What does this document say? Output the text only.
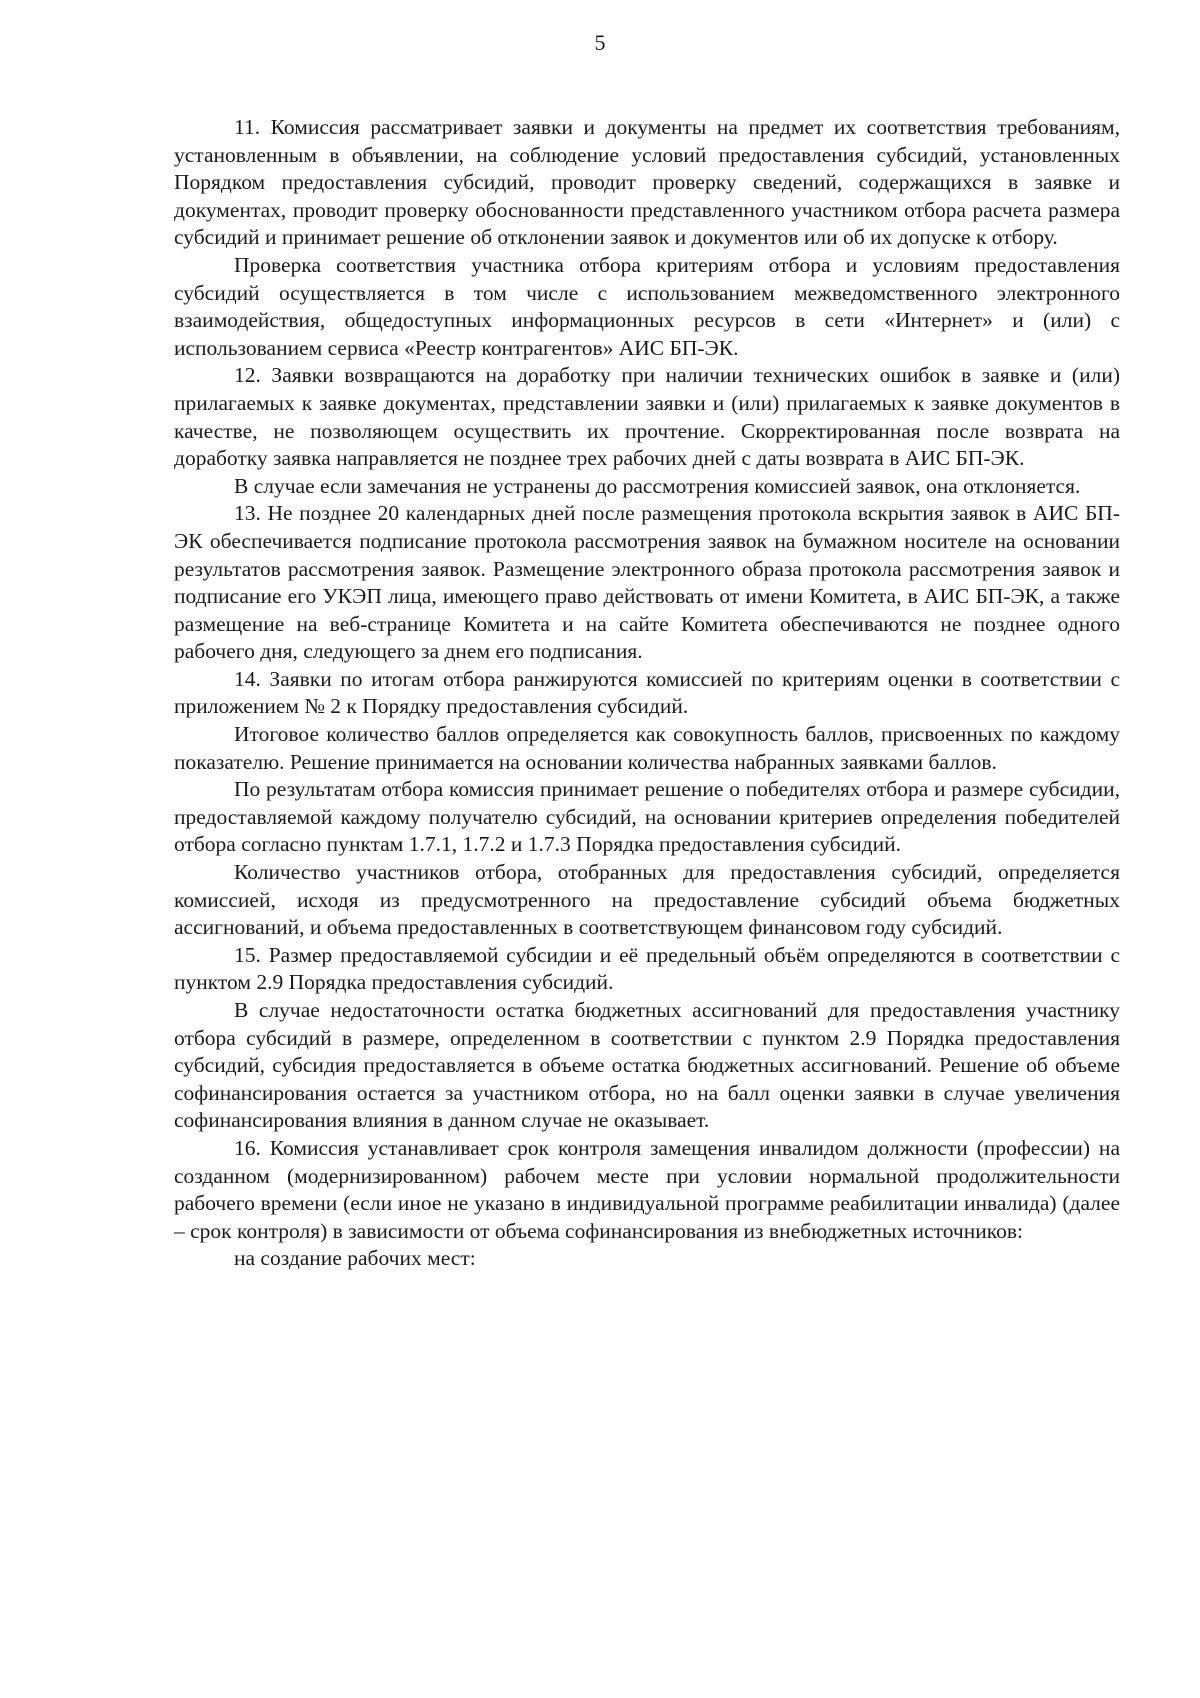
5

11. Комиссия рассматривает заявки и документы на предмет их соответствия требованиям, установленным в объявлении, на соблюдение условий предоставления субсидий, установленных Порядком предоставления субсидий, проводит проверку сведений, содержащихся в заявке и документах, проводит проверку обоснованности представленного участником отбора расчета размера субсидий и принимает решение об отклонении заявок и документов или об их допуске к отбору.

Проверка соответствия участника отбора критериям отбора и условиям предоставления субсидий осуществляется в том числе с использованием межведомственного электронного взаимодействия, общедоступных информационных ресурсов в сети «Интернет» и (или) с использованием сервиса «Реестр контрагентов» АИС БП-ЭК.

12. Заявки возвращаются на доработку при наличии технических ошибок в заявке и (или) прилагаемых к заявке документах, представлении заявки и (или) прилагаемых к заявке документов в качестве, не позволяющем осуществить их прочтение. Скорректированная после возврата на доработку заявка направляется не позднее трех рабочих дней с даты возврата в АИС БП-ЭК.

В случае если замечания не устранены до рассмотрения комиссией заявок, она отклоняется.

13. Не позднее 20 календарных дней после размещения протокола вскрытия заявок в АИС БП-ЭК обеспечивается подписание протокола рассмотрения заявок на бумажном носителе на основании результатов рассмотрения заявок. Размещение электронного образа протокола рассмотрения заявок и подписание его УКЭП лица, имеющего право действовать от имени Комитета, в АИС БП-ЭК, а также размещение на веб-странице Комитета и на сайте Комитета обеспечиваются не позднее одного рабочего дня, следующего за днем его подписания.

14. Заявки по итогам отбора ранжируются комиссией по критериям оценки в соответствии с приложением № 2 к Порядку предоставления субсидий.

Итоговое количество баллов определяется как совокупность баллов, присвоенных по каждому показателю. Решение принимается на основании количества набранных заявками баллов.

По результатам отбора комиссия принимает решение о победителях отбора и размере субсидии, предоставляемой каждому получателю субсидий, на основании критериев определения победителей отбора согласно пунктам 1.7.1, 1.7.2 и 1.7.3 Порядка предоставления субсидий.

Количество участников отбора, отобранных для предоставления субсидий, определяется комиссией, исходя из предусмотренного на предоставление субсидий объема бюджетных ассигнований, и объема предоставленных в соответствующем финансовом году субсидий.

15. Размер предоставляемой субсидии и её предельный объём определяются в соответствии с пунктом 2.9 Порядка предоставления субсидий.

В случае недостаточности остатка бюджетных ассигнований для предоставления участнику отбора субсидий в размере, определенном в соответствии с пунктом 2.9 Порядка предоставления субсидий, субсидия предоставляется в объеме остатка бюджетных ассигнований. Решение об объеме софинансирования остается за участником отбора, но на балл оценки заявки в случае увеличения софинансирования влияния в данном случае не оказывает.

16. Комиссия устанавливает срок контроля замещения инвалидом должности (профессии) на созданном (модернизированном) рабочем месте при условии нормальной продолжительности рабочего времени (если иное не указано в индивидуальной программе реабилитации инвалида) (далее – срок контроля) в зависимости от объема софинансирования из внебюджетных источников:

на создание рабочих мест:
